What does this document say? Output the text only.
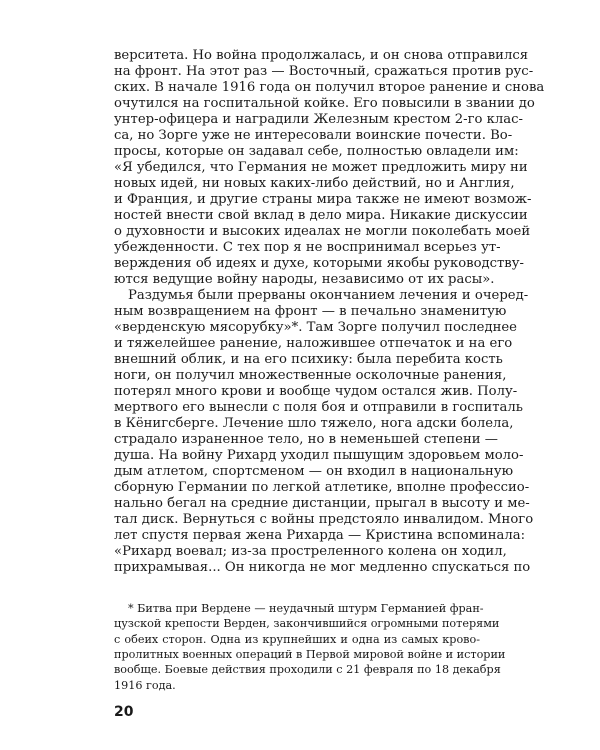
верситета. Но война продолжалась, и он снова отправился
на фронт. На этот раз — Восточный, сражаться против рус-
ских. В начале 1916 года он получил второе ранение и снова
очутился на госпитальной койке. Его повысили в звании до
унтер-офицера и наградили Железным крестом 2-го клас-
са, но Зорге уже не интересовали воинские почести. Во-
просы, которые он задавал себе, полностью овладели им:
«Я убедился, что Германия не может предложить миру ни
новых идей, ни новых каких-либо действий, но и Англия,
и Франция, и другие страны мира также не имеют возмож-
ностей внести свой вклад в дело мира. Никакие дискуссии
о духовности и высоких идеалах не могли поколебать моей
убежденности. С тех пор я не воспринимал всерьез ут-
верждения об идеях и духе, которыми якобы руководству-
ются ведущие войну народы, независимо от их расы».
Раздумья были прерваны окончанием лечения и очеред-
ным возвращением на фронт — в печально знаменитую
«верденскую мясорубку»*. Там Зорге получил последнее
и тяжелейшее ранение, наложившее отпечаток и на его
внешний облик, и на его психику: была перебита кость
ноги, он получил множественные осколочные ранения,
потерял много крови и вообще чудом остался жив. Полу-
мертвого его вынесли с поля боя и отправили в госпиталь
в Кёнигсберге. Лечение шло тяжело, нога адски болела,
страдало израненное тело, но в неменьшей степени —
душа. На войну Рихард уходил пышущим здоровьем моло-
дым атлетом, спортсменом — он входил в национальную
сборную Германии по легкой атлетике, вполне профессио-
нально бегал на средние дистанции, прыгал в высоту и ме-
тал диск. Вернуться с войны предстояло инвалидом. Много
лет спустя первая жена Рихарда — Кристина вспоминала:
«Рихард воевал; из-за простреленного колена он ходил,
прихрамывая... Он никогда не мог медленно спускаться по
* Битва при Вердене — неудачный штурм Германией фран-
цузской крепости Верден, закончившийся огромными потерями
с обеих сторон. Одна из крупнейших и одна из самых крово-
пролитных военных операций в Первой мировой войне и истории
вообще. Боевые действия проходили с 21 февраля по 18 декабря
1916 года.
20
